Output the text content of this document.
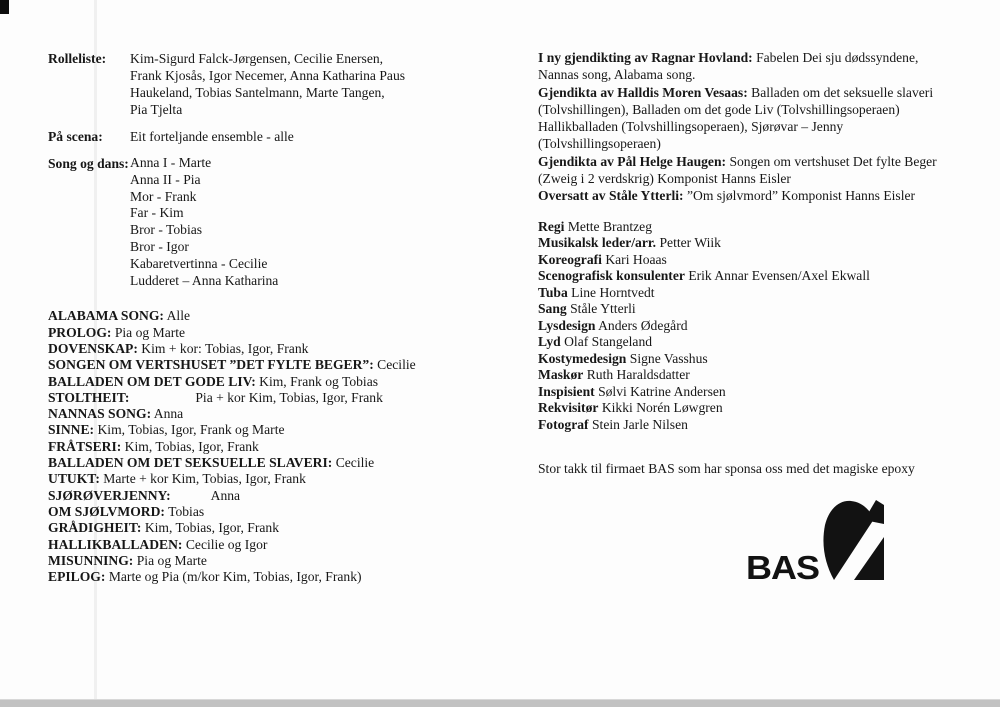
Rolleliste: Kim-Sigurd Falck-Jørgensen, Cecilie Enersen,
Frank Kjosås, Igor Necemer, Anna Katharina Paus
Haukeland, Tobias Santelmann, Marte Tangen,
Pia Tjelta
På scena: Eit forteljande ensemble - alle
Song og dans: Anna I - Marte
Anna II - Pia
Mor - Frank
Far - Kim
Bror - Tobias
Bror - Igor
Kabaretvertinna - Cecilie
Ludderet – Anna Katharina
ALABAMA SONG: Alle
PROLOG: Pia og Marte
DOVENSKAP: Kim + kor: Tobias, Igor, Frank
SONGEN OM VERTSHUSET ”DET FYLTE BEGER”: Cecilie
BALLADEN OM DET GODE LIV: Kim, Frank og Tobias
STOLTHEIT:	Pia + kor Kim, Tobias, Igor, Frank
NANNAS SONG: Anna
SINNE: Kim, Tobias, Igor, Frank og Marte
FRÅTSERI: Kim, Tobias, Igor, Frank
BALLADEN OM DET SEKSUELLE SLAVERI: Cecilie
UTUKT: Marte + kor Kim, Tobias, Igor, Frank
SJØRØVERJENNY:	Anna
OM SJØLVMORD: Tobias
GRÅDIGHEIT: Kim, Tobias, Igor, Frank
HALLIKBALLADEN: Cecilie og Igor
MISUNNING: Pia og Marte
EPILOG: Marte og Pia (m/kor Kim, Tobias, Igor, Frank)

I ny gjendikting av Ragnar Hovland: Fabelen Dei sju dødssyndene, Nannas song, Alabama song.

Gjendikta av Halldis Moren Vesaas: Balladen om det seksuelle slaveri (Tolvshillingen), Balladen om det gode Liv (Tolvshillingsoperaen) Hallikballaden (Tolvshillingsoperaen), Sjørøvar – Jenny (Tolvshillingsoperaen)

Gjendikta av Pål Helge Haugen: Songen om vertshuset Det fylte Beger (Zweig i 2 verdskrig) Komponist Hanns Eisler

Oversatt av Ståle Ytterli: ”Om sjølvmord” Komponist Hanns Eisler

Regi Mette Brantzeg
Musikalsk leder/arr. Petter Wiik
Koreografi Kari Hoaas
Scenografisk konsulenter Erik Annar Evensen/Axel Ekwall
Tuba Line Horntvedt
Sang Ståle Ytterli
Lysdesign Anders Ødegård
Lyd Olaf Stangeland
Kostymedesign Signe Vasshus
Maskør Ruth Haraldsdatter
Inspisient Sølvi Katrine Andersen
Rekvisitør Kikki Norén Løwgren
Fotograf Stein Jarle Nilsen

Stor takk til firmaet BAS som har sponsa oss med det magiske epoxy

BAS
